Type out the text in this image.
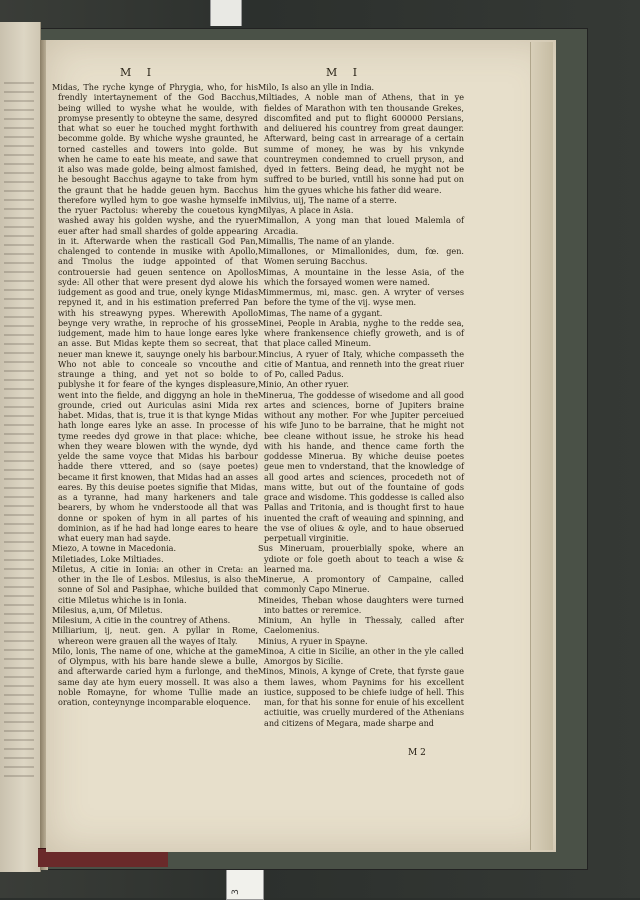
3
M I	M I

Midas, The ryche kynge of Phrygia, who, for his frendly intertaynement of the God Bacchus, being willed to wyshe what he woulde, with promyse presently to obteyne the same, desyred that what so euer he touched myght forthwith becomme golde. By whiche wyshe graunted, he torned castelles and towers into golde. But when he came to eate his meate, and sawe that it also was made golde, being almost famished, he besought Bacchus agayne to take from hym the graunt that he hadde geuen hym. Bacchus therefore wylled hym to goe washe hymselfe in the ryuer Pactolus: whereby the couetous kyng washed away his golden wyshe, and the ryuer euer after had small shardes of golde appearing in it. Afterwarde when the rasticall God Pan, chalenged to contende in musike with Apollo, and Tmolus the iudge appointed of that controuersie had geuen sentence on Apollos syde: All other that were present dyd alowe his iudgement as good and true, onely kynge Midas repyned it, and in his estimation preferred Pan with his streawyng pypes. Wherewith Apollo beynge very wrathe, in reproche of his grosse iudgement, made him to haue longe eares lyke an asse. But Midas kepte them so secreat, that neuer man knewe it, sauynge onely his barbour. Who not able to conceale so vncouthe and straunge a thing, and yet not so bolde to publyshe it for feare of the kynges displeasure, went into the fielde, and diggyng an hole in the grounde, cried out Auriculas asini Mida rex habet. Midas, that is, true it is that kynge Midas hath longe eares lyke an asse. In processe of tyme reedes dyd growe in that place: whiche, when they weare blowen with the wynde, dyd yelde the same voyce that Midas his barbour hadde there vttered, and so (saye poetes) became it first knowen, that Midas had an asses eares. By this deuise poetes signifie that Midas, as a tyranne, had many harkeners and tale bearers, by whom he vnderstoode all that was donne or spoken of hym in all partes of his dominion, as if he had had longe eares to heare what euery man had sayde.

Miezo, A towne in Macedonia.

Miletiades, Loke Miltiades.

Miletus, A citie in Ionia: an other in Creta: an other in the Ile of Lesbos. Milesius, is also the sonne of Sol and Pasiphae, whiche builded that citie Miletus whiche is in Ionia.

Milesius, a,um, Of Miletus.

Milesium, A citie in the countrey of Athens.

Milliarium, ij, neut. gen. A pyllar in Rome, whereon were grauen all the wayes of Italy.

Milo, lonis, The name of one, whiche at the game of Olympus, with his bare hande slewe a bulle, and afterwarde caried hym a furlonge, and the same day ate hym euery mossell. It was also a noble Romayne, for whome Tullie made an oration, conteynynge incomparable eloquence.

Milo, Is also an ylle in India.

Miltiades, A noble man of Athens, that in ye fieldes of Marathon with ten thousande Grekes, discomfited and put to flight 600000 Persians, and deliuered his countrey from great daunger. Afterward, being cast in arrearage of a certain summe of money, he was by his vnkynde countreymen condemned to cruell pryson, and dyed in fetters. Being dead, he myght not be suffred to be buried, vntill his sonne had put on him the gyues whiche his father did weare.

Milvius, uij, The name of a sterre.

Milyas, A place in Asia.

Mimallon, A yong man that loued Malemla of Arcadia.

Mimallis, The name of an ylande.

Mimallones, or Mimallonides, dum, fœ. gen. Women seruing Bacchus.

Mimas, A mountaine in the lesse Asia, of the which the forsayed women were named.

Mimmermus, mi, masc. gen. A wryter of verses before the tyme of the vij. wyse men.

Mimas, The name of a gygant.

Minei, People in Arabia, nyghe to the redde sea, where frankensence chiefly groweth, and is of that place called Mineum.

Mincius, A ryuer of Italy, whiche compasseth the citie of Mantua, and renneth into the great riuer of Po, called Padus.

Minio, An other ryuer.

Minerua, The goddesse of wisedome and all good artes and sciences, borne of Jupiters braine without any mother. For whe Jupiter perceiued his wife Juno to be barraine, that he might not bee cleane without issue, he stroke his head with his hande, and thence came forth the goddesse Minerua. By whiche deuise poetes geue men to vnderstand, that the knowledge of all good artes and sciences, procedeth not of mans witte, but out of the fountaine of gods grace and wisdome. This goddesse is called also Pallas and Tritonia, and is thought first to haue inuented the craft of weauing and spinning, and the vse of oliues & oyle, and to haue obserued perpetuall virginitie.

Sus Mineruam, prouerbially spoke, where an ydiote or fole goeth about to teach a wise & learned ma.

Minerue, A promontory of Campaine, called commonly Capo Minerue.

Mineides, Theban whose daughters were turned into battes or reremice.

Minium, An hylle in Thessaly, called after Caelomenius.

Minius, A ryuer in Spayne.

Minoa, A citie in Sicilie, an other in the yle called Amorgos by Sicilie.

Minos, Minois, A kynge of Crete, that fyrste gaue them lawes, whom Paynims for his excellent iustice, supposed to be chiefe iudge of hell. This man, for that his sonne for enuie of his excellent actiuitie, was cruelly murdered of the Athenians and citizens of Megara, made sharpe and

M 2
